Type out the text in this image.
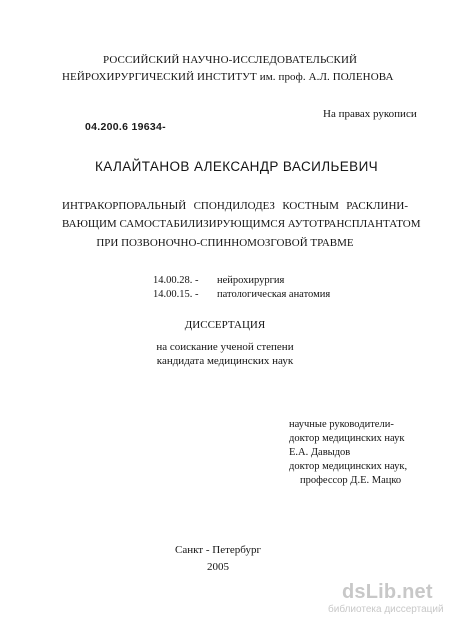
РОССИЙСКИЙ НАУЧНО-ИССЛЕДОВАТЕЛЬСКИЙ
НЕЙРОХИРУРГИЧЕСКИЙ ИНСТИТУТ им. проф. А.Л. ПОЛЕНОВА
На правах рукописи
04.200.6 19634-
КАЛАЙТАНОВ АЛЕКСАНДР ВАСИЛЬЕВИЧ
ИНТРАКОРПОРАЛЬНЫЙ СПОНДИЛОДЕЗ КОСТНЫМ РАСКЛИНИ-
ВАЮЩИМ САМОСТАБИЛИЗИРУЮЩИМСЯ АУТОТРАНСПЛАНТАТОМ
ПРИ ПОЗВОНОЧНО-СПИННОМОЗГОВОЙ ТРАВМЕ
14.00.28. - нейрохирургия
14.00.15. - патологическая анатомия
ДИССЕРТАЦИЯ
на соискание ученой степени
кандидата медицинских наук
научные руководители-
доктор медицинских наук
Е.А. Давыдов
доктор медицинских наук,
профессор Д.Е. Мацко
Санкт - Петербург
2005
dsLib.net
библиотека диссертаций
